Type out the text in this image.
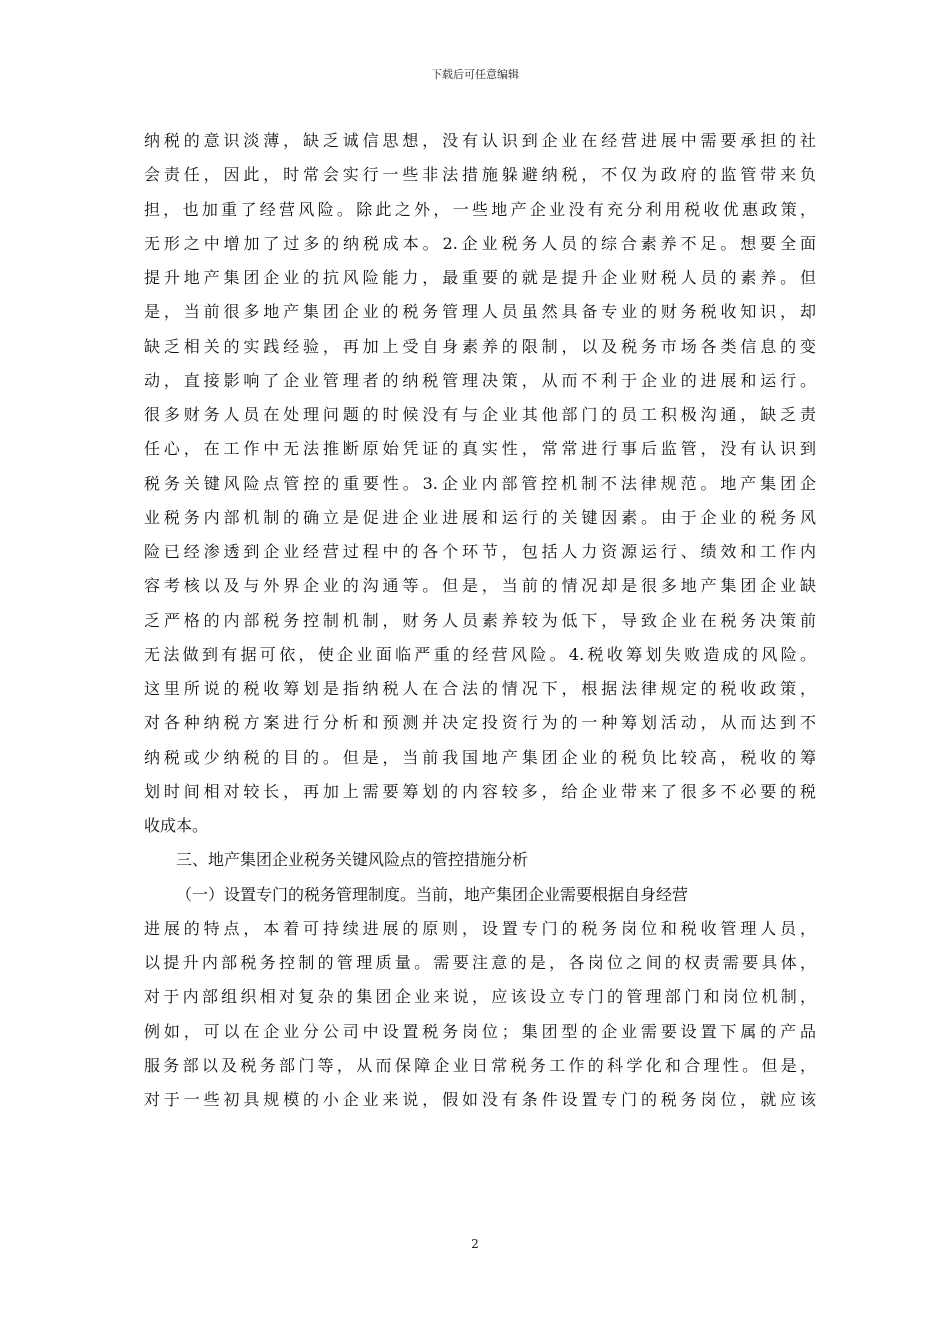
下载后可任意编辑
纳税的意识淡薄，缺乏诚信思想，没有认识到企业在经营进展中需要承担的社
会责任，因此，时常会实行一些非法措施躲避纳税，不仅为政府的监管带来负
担，也加重了经营风险。除此之外，一些地产企业没有充分利用税收优惠政策，
无形之中增加了过多的纳税成本。2.企业税务人员的综合素养不足。想要全面
提升地产集团企业的抗风险能力，最重要的就是提升企业财税人员的素养。但
是，当前很多地产集团企业的税务管理人员虽然具备专业的财务税收知识，却
缺乏相关的实践经验，再加上受自身素养的限制，以及税务市场各类信息的变
动，直接影响了企业管理者的纳税管理决策，从而不利于企业的进展和运行。
很多财务人员在处理问题的时候没有与企业其他部门的员工积极沟通，缺乏责
任心，在工作中无法推断原始凭证的真实性，常常进行事后监管，没有认识到
税务关键风险点管控的重要性。3.企业内部管控机制不法律规范。地产集团企
业税务内部机制的确立是促进企业进展和运行的关键因素。由于企业的税务风
险已经渗透到企业经营过程中的各个环节，包括人力资源运行、绩效和工作内
容考核以及与外界企业的沟通等。但是，当前的情况却是很多地产集团企业缺
乏严格的内部税务控制机制，财务人员素养较为低下，导致企业在税务决策前
无法做到有据可依，使企业面临严重的经营风险。4.税收筹划失败造成的风险。
这里所说的税收筹划是指纳税人在合法的情况下，根据法律规定的税收政策，
对各种纳税方案进行分析和预测并决定投资行为的一种筹划活动，从而达到不
纳税或少纳税的目的。但是，当前我国地产集团企业的税负比较高，税收的筹
划时间相对较长，再加上需要筹划的内容较多，给企业带来了很多不必要的税
收成本。
三、地产集团企业税务关键风险点的管控措施分析
（一）设置专门的税务管理制度。当前，地产集团企业需要根据自身经营
进展的特点，本着可持续进展的原则，设置专门的税务岗位和税收管理人员，
以提升内部税务控制的管理质量。需要注意的是，各岗位之间的权责需要具体，
对于内部组织相对复杂的集团企业来说，应该设立专门的管理部门和岗位机制，
例如，可以在企业分公司中设置税务岗位；集团型的企业需要设置下属的产品
服务部以及税务部门等，从而保障企业日常税务工作的科学化和合理性。但是，
对于一些初具规模的小企业来说，假如没有条件设置专门的税务岗位，就应该
2
